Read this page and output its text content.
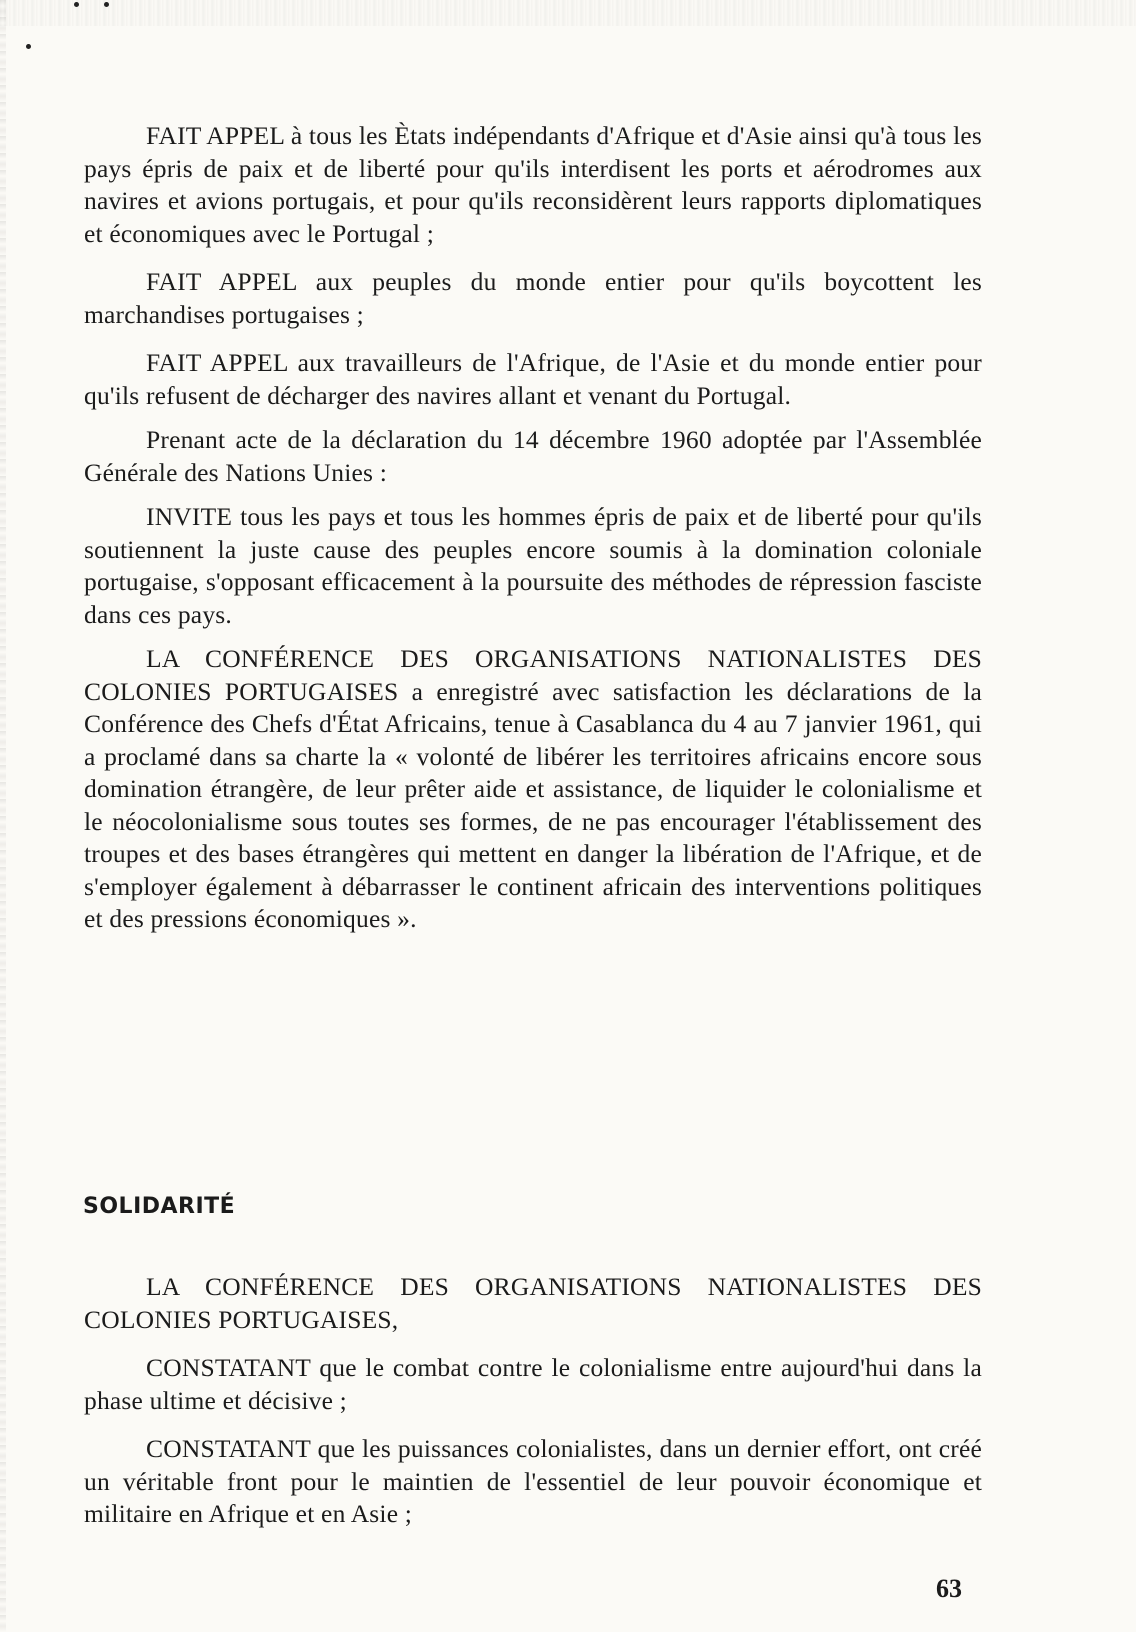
FAIT APPEL à tous les Ètats indépendants d'Afrique et d'Asie ainsi qu'à tous les pays épris de paix et de liberté pour qu'ils interdisent les ports et aérodromes aux navires et avions portugais, et pour qu'ils reconsidèrent leurs rapports diplomatiques et économiques avec le Portugal ;

FAIT APPEL aux peuples du monde entier pour qu'ils boycottent les marchandises portugaises ;

FAIT APPEL aux travailleurs de l'Afrique, de l'Asie et du monde entier pour qu'ils refusent de décharger des navires allant et venant du Portugal.

Prenant acte de la déclaration du 14 décembre 1960 adoptée par l'Assemblée Générale des Nations Unies :

INVITE tous les pays et tous les hommes épris de paix et de liberté pour qu'ils soutiennent la juste cause des peuples encore soumis à la domination coloniale portugaise, s'opposant efficacement à la poursuite des méthodes de répression fasciste dans ces pays.

LA CONFÉRENCE DES ORGANISATIONS NATIONALISTES DES COLONIES PORTUGAISES a enregistré avec satisfaction les déclarations de la Conférence des Chefs d'État Africains, tenue à Casablanca du 4 au 7 janvier 1961, qui a proclamé dans sa charte la « volonté de libérer les territoires africains encore sous domination étrangère, de leur prêter aide et assistance, de liquider le colonialisme et le néocolonialisme sous toutes ses formes, de ne pas encourager l'établissement des troupes et des bases étrangères qui mettent en danger la libération de l'Afrique, et de s'employer également à débarrasser le continent africain des interventions politiques et des pressions économiques ».

SOLIDARITÉ

LA CONFÉRENCE DES ORGANISATIONS NATIONALISTES DES COLONIES PORTUGAISES,

CONSTATANT que le combat contre le colonialisme entre aujourd'hui dans la phase ultime et décisive ;

CONSTATANT que les puissances colonialistes, dans un dernier effort, ont créé un véritable front pour le maintien de l'essentiel de leur pouvoir économique et militaire en Afrique et en Asie ;

63
